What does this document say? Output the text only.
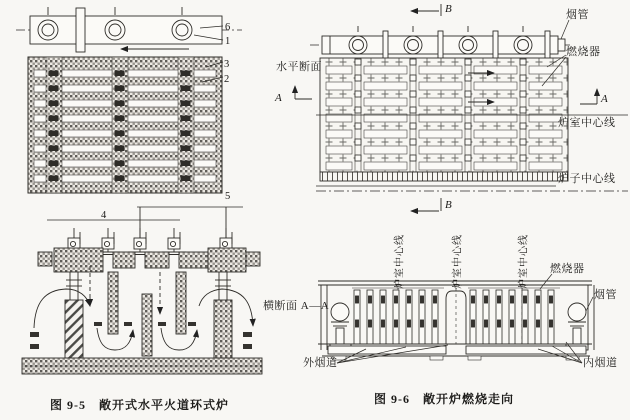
6
1
3
2
4
5
图 9-5　敞开式水平火道环式炉	图 9-6　敞开炉燃烧走向
水平断面
A
B
B
A
烟管
燃烧器
炉室中心线
炉子中心线
横断面 A—A
炉室中心线	炉室中心线	炉室中心线 燃烧器
烟管
外烟道	内烟道
